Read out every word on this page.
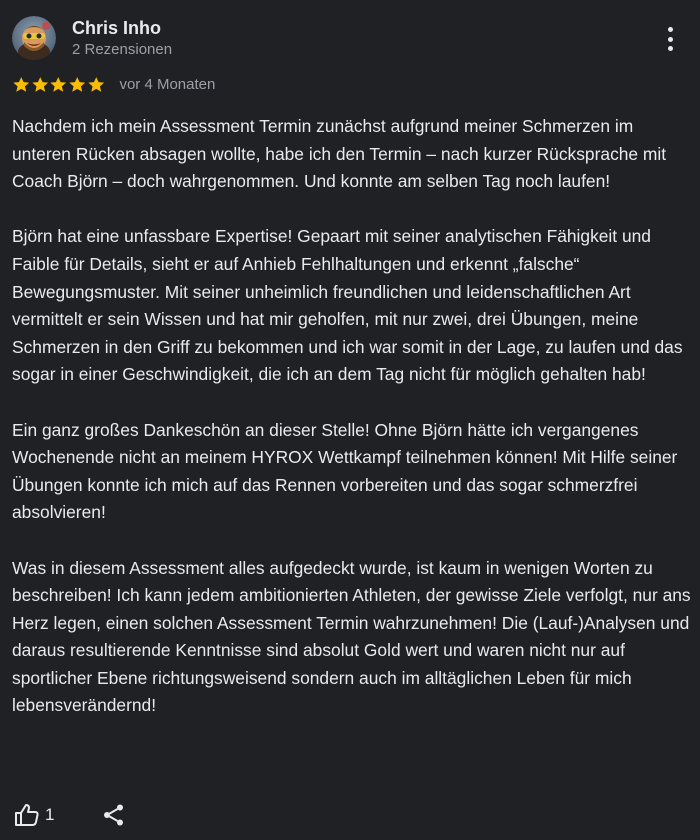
Chris Inho
2 Rezensionen
vor 4 Monaten

Nachdem ich mein Assessment Termin zunächst aufgrund meiner Schmerzen im unteren Rücken absagen wollte, habe ich den Termin – nach kurzer Rücksprache mit Coach Björn – doch wahrgenommen. Und konnte am selben Tag noch laufen!

Björn hat eine unfassbare Expertise! Gepaart mit seiner analytischen Fähigkeit und Faible für Details, sieht er auf Anhieb Fehlhaltungen und erkennt „falsche“ Bewegungsmuster. Mit seiner unheimlich freundlichen und leidenschaftlichen Art vermittelt er sein Wissen und hat mir geholfen, mit nur zwei, drei Übungen, meine Schmerzen in den Griff zu bekommen und ich war somit in der Lage, zu laufen und das sogar in einer Geschwindigkeit, die ich an dem Tag nicht für möglich gehalten hab!

Ein ganz großes Dankeschön an dieser Stelle! Ohne Björn hätte ich vergangenes Wochenende nicht an meinem HYROX Wettkampf teilnehmen können! Mit Hilfe seiner Übungen konnte ich mich auf das Rennen vorbereiten und das sogar schmerzfrei absolvieren!

Was in diesem Assessment alles aufgedeckt wurde, ist kaum in wenigen Worten zu beschreiben! Ich kann jedem ambitionierten Athleten, der gewisse Ziele verfolgt, nur ans Herz legen, einen solchen Assessment Termin wahrzunehmen! Die (Lauf-)Analysen und daraus resultierende Kenntnisse sind absolut Gold wert und waren nicht nur auf sportlicher Ebene richtungsweisend sondern auch im alltäglichen Leben für mich lebensverändernd!

1
